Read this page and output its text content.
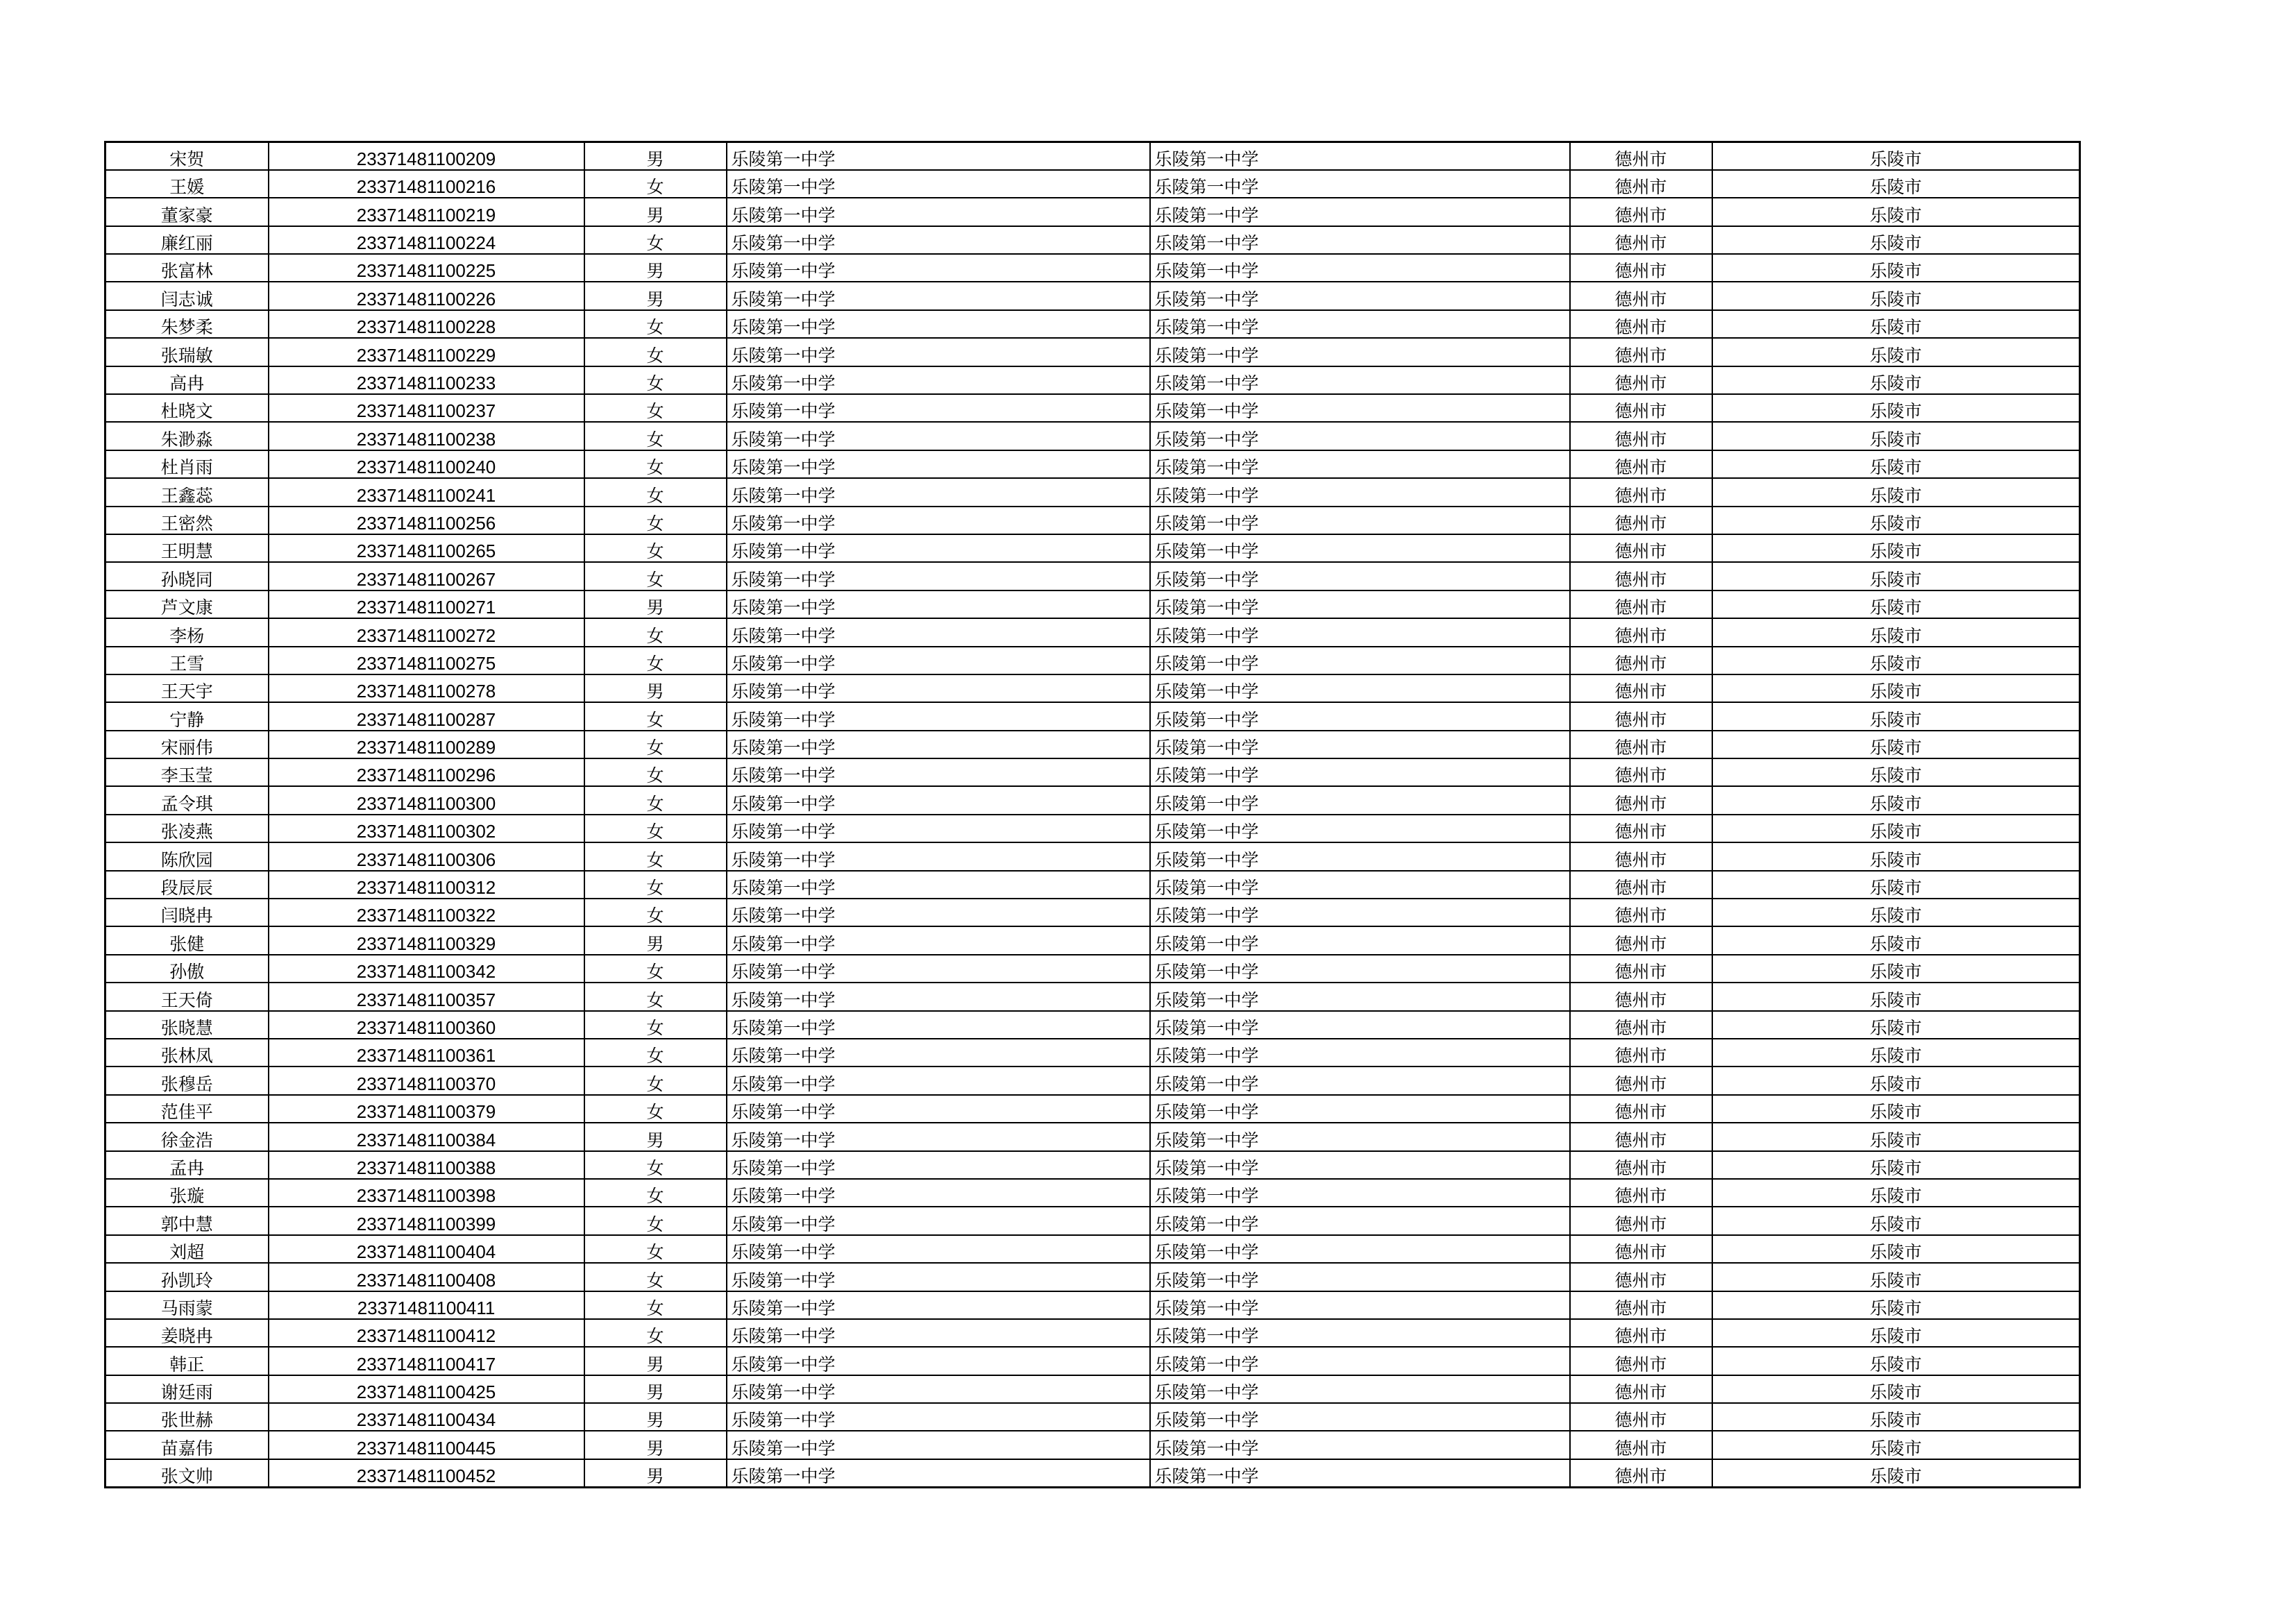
宋贺	23371481100209	男	乐陵第一中学	乐陵第一中学	德州市	乐陵市
王媛	23371481100216	女	乐陵第一中学	乐陵第一中学	德州市	乐陵市
董家豪	23371481100219	男	乐陵第一中学	乐陵第一中学	德州市	乐陵市
廉红丽	23371481100224	女	乐陵第一中学	乐陵第一中学	德州市	乐陵市
张富林	23371481100225	男	乐陵第一中学	乐陵第一中学	德州市	乐陵市
闫志诚	23371481100226	男	乐陵第一中学	乐陵第一中学	德州市	乐陵市
朱梦柔	23371481100228	女	乐陵第一中学	乐陵第一中学	德州市	乐陵市
张瑞敏	23371481100229	女	乐陵第一中学	乐陵第一中学	德州市	乐陵市
高冉	23371481100233	女	乐陵第一中学	乐陵第一中学	德州市	乐陵市
杜晓文	23371481100237	女	乐陵第一中学	乐陵第一中学	德州市	乐陵市
朱渺淼	23371481100238	女	乐陵第一中学	乐陵第一中学	德州市	乐陵市
杜肖雨	23371481100240	女	乐陵第一中学	乐陵第一中学	德州市	乐陵市
王鑫蕊	23371481100241	女	乐陵第一中学	乐陵第一中学	德州市	乐陵市
王密然	23371481100256	女	乐陵第一中学	乐陵第一中学	德州市	乐陵市
王明慧	23371481100265	女	乐陵第一中学	乐陵第一中学	德州市	乐陵市
孙晓同	23371481100267	女	乐陵第一中学	乐陵第一中学	德州市	乐陵市
芦文康	23371481100271	男	乐陵第一中学	乐陵第一中学	德州市	乐陵市
李杨	23371481100272	女	乐陵第一中学	乐陵第一中学	德州市	乐陵市
王雪	23371481100275	女	乐陵第一中学	乐陵第一中学	德州市	乐陵市
王天宇	23371481100278	男	乐陵第一中学	乐陵第一中学	德州市	乐陵市
宁静	23371481100287	女	乐陵第一中学	乐陵第一中学	德州市	乐陵市
宋丽伟	23371481100289	女	乐陵第一中学	乐陵第一中学	德州市	乐陵市
李玉莹	23371481100296	女	乐陵第一中学	乐陵第一中学	德州市	乐陵市
孟令琪	23371481100300	女	乐陵第一中学	乐陵第一中学	德州市	乐陵市
张凌燕	23371481100302	女	乐陵第一中学	乐陵第一中学	德州市	乐陵市
陈欣园	23371481100306	女	乐陵第一中学	乐陵第一中学	德州市	乐陵市
段辰辰	23371481100312	女	乐陵第一中学	乐陵第一中学	德州市	乐陵市
闫晓冉	23371481100322	女	乐陵第一中学	乐陵第一中学	德州市	乐陵市
张健	23371481100329	男	乐陵第一中学	乐陵第一中学	德州市	乐陵市
孙傲	23371481100342	女	乐陵第一中学	乐陵第一中学	德州市	乐陵市
王天倚	23371481100357	女	乐陵第一中学	乐陵第一中学	德州市	乐陵市
张晓慧	23371481100360	女	乐陵第一中学	乐陵第一中学	德州市	乐陵市
张林凤	23371481100361	女	乐陵第一中学	乐陵第一中学	德州市	乐陵市
张穆岳	23371481100370	女	乐陵第一中学	乐陵第一中学	德州市	乐陵市
范佳平	23371481100379	女	乐陵第一中学	乐陵第一中学	德州市	乐陵市
徐金浩	23371481100384	男	乐陵第一中学	乐陵第一中学	德州市	乐陵市
孟冉	23371481100388	女	乐陵第一中学	乐陵第一中学	德州市	乐陵市
张璇	23371481100398	女	乐陵第一中学	乐陵第一中学	德州市	乐陵市
郭中慧	23371481100399	女	乐陵第一中学	乐陵第一中学	德州市	乐陵市
刘超	23371481100404	女	乐陵第一中学	乐陵第一中学	德州市	乐陵市
孙凯玲	23371481100408	女	乐陵第一中学	乐陵第一中学	德州市	乐陵市
马雨蒙	23371481100411	女	乐陵第一中学	乐陵第一中学	德州市	乐陵市
姜晓冉	23371481100412	女	乐陵第一中学	乐陵第一中学	德州市	乐陵市
韩正	23371481100417	男	乐陵第一中学	乐陵第一中学	德州市	乐陵市
谢廷雨	23371481100425	男	乐陵第一中学	乐陵第一中学	德州市	乐陵市
张世赫	23371481100434	男	乐陵第一中学	乐陵第一中学	德州市	乐陵市
苗嘉伟	23371481100445	男	乐陵第一中学	乐陵第一中学	德州市	乐陵市
张文帅	23371481100452	男	乐陵第一中学	乐陵第一中学	德州市	乐陵市
